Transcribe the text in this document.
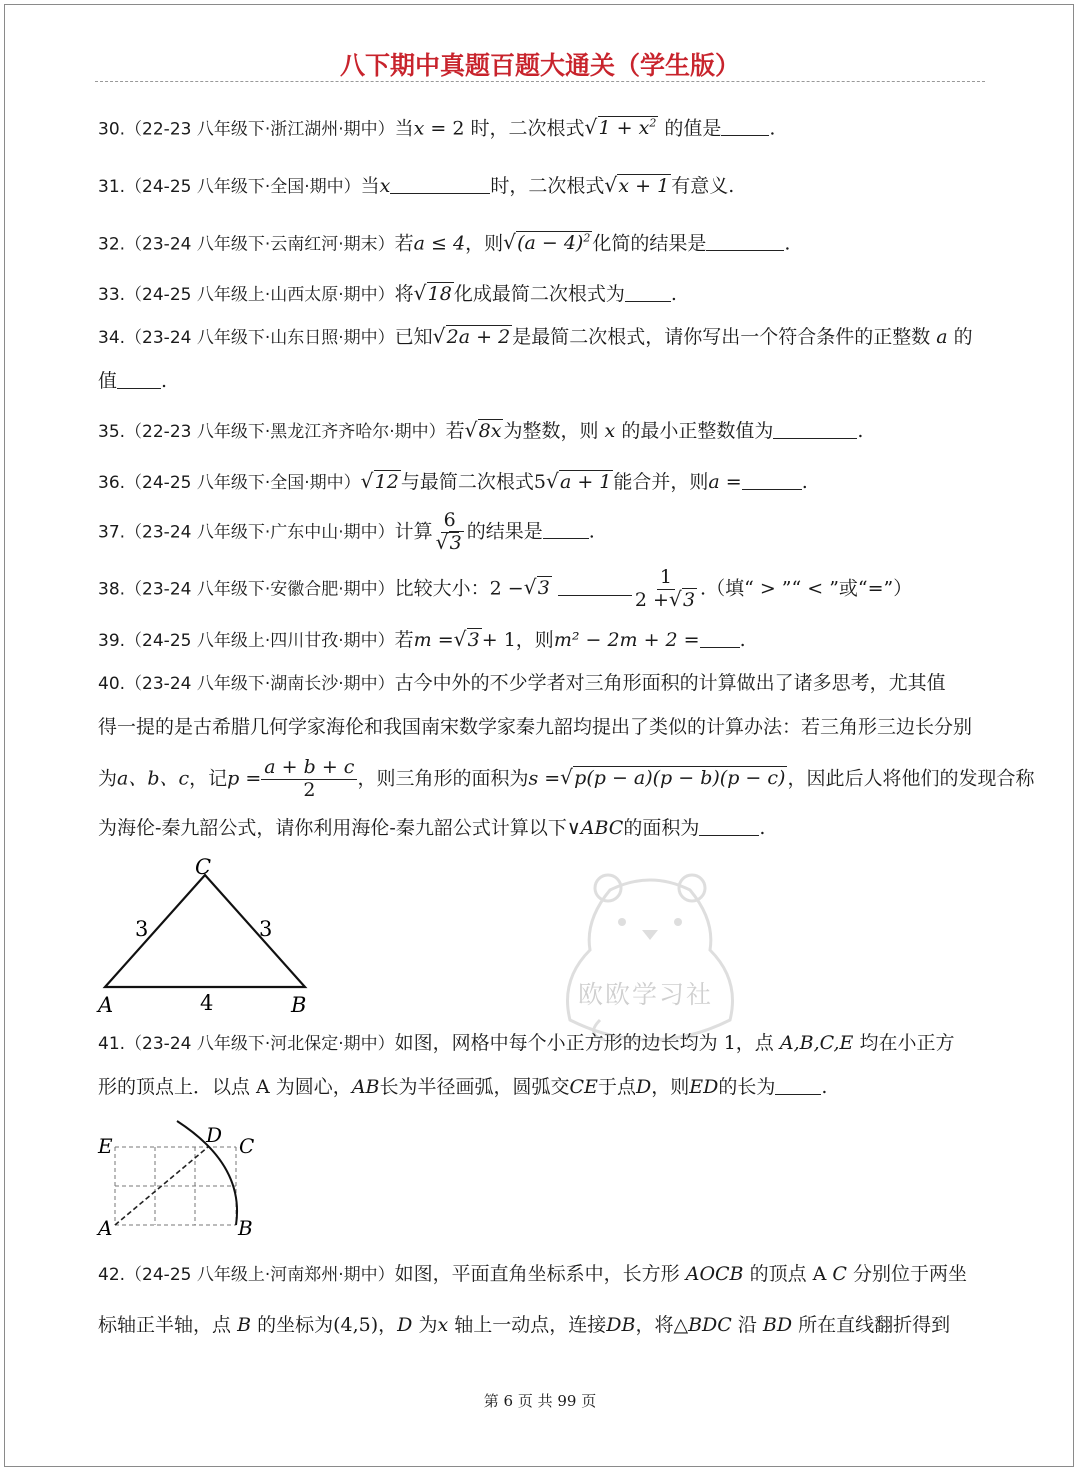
八下期中真题百题大通关（学生版）
30.（22-23 八年级下·浙江湖州·期中）当x = 2 时，二次根式 √ $1 + x^2$ 的值是	.
31.（24-25 八年级下·全国·期中）当x	时，二次根式 √ x + 1 有意义.
32.（23-24 八年级下·云南红河·期末）若a ≤ 4，则 √ $(a - 4)^2$ 化简的结果是	.
33.（24-25 八年级上·山西太原·期中）将 √ 18 化成最简二次根式为 .
34.（23-24 八年级下·山东日照·期中）已知 √ 2a + 2 是最简二次根式，请你写出一个符合条件的正整数 a 的
值 .
35.（22-23 八年级下·黑龙江齐齐哈尔·期中）若 √ 8x 为整数，则 x 的最小正整数值为	.
36.（24-25 八年级下·全国·期中） √ 12 与最简二次根式5 √ a + 1 能合并，则a =	.
37.（23-24 八年级下·广东中山·期中）计算 $\frac{6}{√ 3}$ 的结果是 .
38.（23-24 八年级下·安徽合肥·期中）比较大小：2 − √ 3	$\frac{1}{2 + √ 3}$ .（填“ > ”“ < ”或“=”）
39.（24-25 八年级上·四川甘孜·期中）若m = √ 3 + 1，则m² − 2m + 2 = .
40.（23-24 八年级下·湖南长沙·期中）古今中外的不少学者对三角形面积的计算做出了诸多思考，尤其值
得一提的是古希腊几何学家海伦和我国南宋数学家秦九韶均提出了类似的计算办法：若三角形三边长分别
为a、b、c，记$p = \frac{a + b + c}{2}$ ，则三角形的面积为s = √ p(p − a)(p − b)(p − c) ，因此后人将他们的发现合称
为海伦-秦九韶公式，请你利用海伦-秦九韶公式计算以下∨ABC的面积为	.
C
A	B
3	3
4	欧欧学习社
41.（23-24 八年级下·河北保定·期中）如图，网格中每个小正方形的边长均为 1，点 A,B,C,E 均在小正方
形的顶点上．以点 A 为圆心，AB长为半径画弧，圆弧交CE于点D，则ED的长为 .
E	D C
A	B
42.（24-25 八年级上·河南郑州·期中）如图，平面直角坐标系中，长方形 AOCB 的顶点 A C 分别位于两坐
标轴正半轴，点 B 的坐标为(4,5)，D 为x 轴上一动点，连接DB，将△BDC 沿 BD 所在直线翻折得到
第 6 页 共 99 页
